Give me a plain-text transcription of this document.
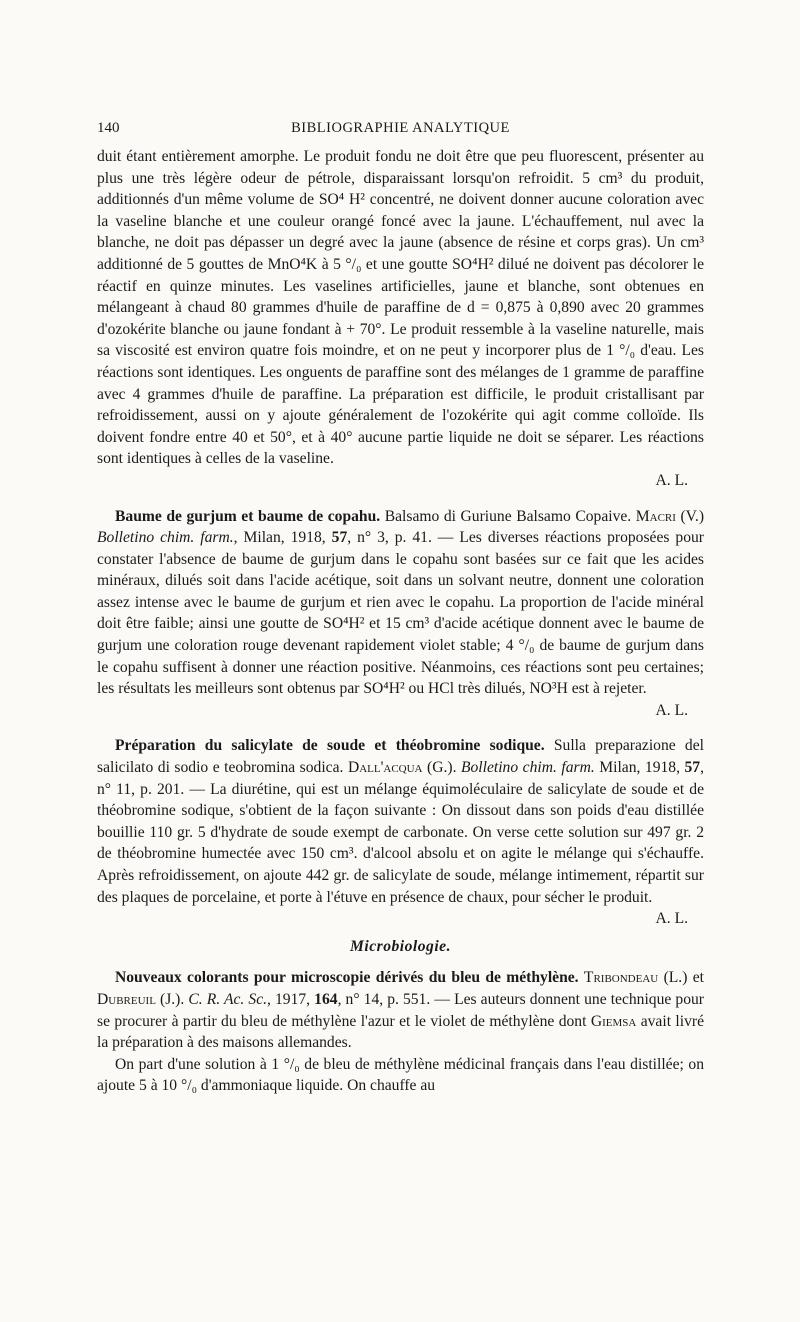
140	BIBLIOGRAPHIE ANALYTIQUE

duit étant entièrement amorphe. Le produit fondu ne doit être que peu fluorescent, présenter au plus une très légère odeur de pétrole, disparaissant lorsqu'on refroidit. 5 cm³ du produit, additionnés d'un même volume de SO⁴ H² concentré, ne doivent donner aucune coloration avec la vaseline blanche et une couleur orangé foncé avec la jaune. L'échauffement, nul avec la blanche, ne doit pas dépasser un degré avec la jaune (absence de résine et corps gras). Un cm³ additionné de 5 gouttes de MnO⁴K à 5 °/₀ et une goutte SO⁴H² dilué ne doivent pas décolorer le réactif en quinze minutes. Les vaselines artificielles, jaune et blanche, sont obtenues en mélangeant à chaud 80 grammes d'huile de paraffine de d = 0,875 à 0,890 avec 20 grammes d'ozokérite blanche ou jaune fondant à + 70°. Le produit ressemble à la vaseline naturelle, mais sa viscosité est environ quatre fois moindre, et on ne peut y incorporer plus de 1 °/₀ d'eau. Les réactions sont identiques. Les onguents de paraffine sont des mélanges de 1 gramme de paraffine avec 4 grammes d'huile de paraffine. La préparation est difficile, le produit cristallisant par refroidissement, aussi on y ajoute généralement de l'ozokérite qui agit comme colloïde. Ils doivent fondre entre 40 et 50°, et à 40° aucune partie liquide ne doit se séparer. Les réactions sont identiques à celles de la vaseline.

A. L.

Baume de gurjum et baume de copahu. Balsamo di Guriune Balsamo Copaive. Macri (V.) Bolletino chim. farm., Milan, 1918, 57, n° 3, p. 41. — Les diverses réactions proposées pour constater l'absence de baume de gurjum dans le copahu sont basées sur ce fait que les acides minéraux, dilués soit dans l'acide acétique, soit dans un solvant neutre, donnent une coloration assez intense avec le baume de gurjum et rien avec le copahu. La proportion de l'acide minéral doit être faible; ainsi une goutte de SO⁴H² et 15 cm³ d'acide acétique donnent avec le baume de gurjum une coloration rouge devenant rapidement violet stable; 4 °/₀ de baume de gurjum dans le copahu suffisent à donner une réaction positive. Néanmoins, ces réactions sont peu certaines; les résultats les meilleurs sont obtenus par SO⁴H² ou HCl très dilués, NO³H est à rejeter.

A. L.

Préparation du salicylate de soude et théobromine sodique. Sulla preparazione del salicilato di sodio e teobromina sodica. Dall'acqua (G.). Bolletino chim. farm. Milan, 1918, 57, n° 11, p. 201. — La diurétine, qui est un mélange équimoléculaire de salicylate de soude et de théobromine sodique, s'obtient de la façon suivante : On dissout dans son poids d'eau distillée bouillie 110 gr. 5 d'hydrate de soude exempt de carbonate. On verse cette solution sur 497 gr. 2 de théobromine humectée avec 150 cm³. d'alcool absolu et on agite le mélange qui s'échauffe. Après refroidissement, on ajoute 442 gr. de salicylate de soude, mélange intimement, répartit sur des plaques de porcelaine, et porte à l'étuve en présence de chaux, pour sécher le produit.

A. L.

Microbiologie.

Nouveaux colorants pour microscopie dérivés du bleu de méthylène. Tribondeau (L.) et Dubreuil (J.). C. R. Ac. Sc., 1917, 164, n° 14, p. 551. — Les auteurs donnent une technique pour se procurer à partir du bleu de méthylène l'azur et le violet de méthylène dont Giemsa avait livré la préparation à des maisons allemandes.

On part d'une solution à 1 °/₀ de bleu de méthylène médicinal français dans l'eau distillée; on ajoute 5 à 10 °/₀ d'ammoniaque liquide. On chauffe au
